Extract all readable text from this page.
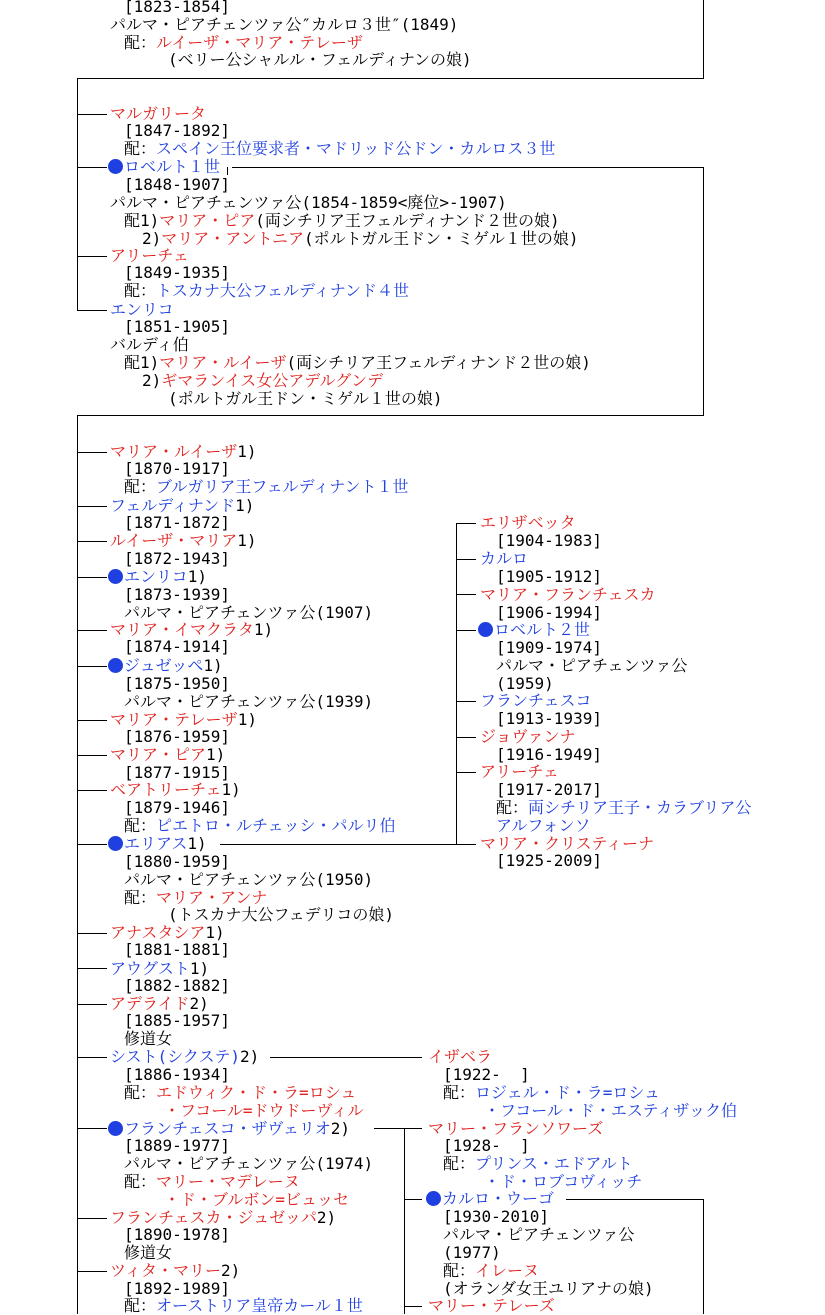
[1823-1854]
パルマ・ピアチェンツァ公″カルロ３世″(1849)
配：ルイーザ・マリア・テレーザ
(ベリー公シャルル・フェルディナンの娘)
マルガリータ
[1847-1892]
配：スペイン王位要求者・マドリッド公ドン・カルロス３世
ロベルト１世
[1848-1907]
パルマ・ピアチェンツァ公(1854-1859<廃位>-1907)
配1)マリア・ピア(両シチリア王フェルディナンド２世の娘)
2)マリア・アントニア(ポルトガル王ドン・ミゲル１世の娘)
アリーチェ
[1849-1935]
配：トスカナ大公フェルディナンド４世
エンリコ
[1851-1905]
バルディ伯
配1)マリア・ルイーザ(両シチリア王フェルディナンド２世の娘)
2)ギマランイス女公アデルグンデ
(ポルトガル王ドン・ミゲル１世の娘)
マリア・ルイーザ1)
[1870-1917]
配：ブルガリア王フェルディナント１世
フェルディナンド1)
[1871-1872]
ルイーザ・マリア1)
[1872-1943]
エンリコ1)
[1873-1939]
パルマ・ピアチェンツァ公(1907)
マリア・イマクラタ1)
[1874-1914]
ジュゼッペ1)
[1875-1950]
パルマ・ピアチェンツァ公(1939)
マリア・テレーザ1)
[1876-1959]
マリア・ピア1)
[1877-1915]
ベアトリーチェ1)
[1879-1946]
配：ピエトロ・ルチェッシ・パルリ伯
エリアス1)
[1880-1959]
パルマ・ピアチェンツァ公(1950)
配：マリア・アンナ
(トスカナ大公フェデリコの娘)
アナスタシア1)
[1881-1881]
アウグスト1)
[1882-1882]
アデライド2)
[1885-1957]
修道女
シスト(シクステ)2)
[1886-1934]
配：エドウィク・ド・ラ=ロシュ
・フコール=ドウドーヴィル
フランチェスコ・ザヴェリオ2)
[1889-1977]
パルマ・ピアチェンツァ公(1974)
配：マリー・マデレーヌ
・ド・ブルボン=ビュッセ
フランチェスカ・ジュゼッパ2)
[1890-1978]
修道女
ツィタ・マリー2)
[1892-1989]
配：オーストリア皇帝カール１世
エリザベッタ
[1904-1983]
カルロ
[1905-1912]
マリア・フランチェスカ
[1906-1994]
ロベルト２世
[1909-1974]
パルマ・ピアチェンツァ公
(1959)
フランチェスコ
[1913-1939]
ジョヴァンナ
[1916-1949]
アリーチェ
[1917-2017]
配：両シチリア王子・カラブリア公
アルフォンソ
マリア・クリスティーナ
[1925-2009]
イザベラ
[1922-  ]
配：ロジェル・ド・ラ=ロシュ
・フコール・ド・エスティザック伯
マリー・フランソワーズ
[1928-  ]
配：プリンス・エドアルト
・ド・ロブコヴィッチ
カルロ・ウーゴ
[1930-2010]
パルマ・ピアチェンツァ公
(1977)
配：イレーヌ
(オランダ女王ユリアナの娘)
マリー・テレーズ
